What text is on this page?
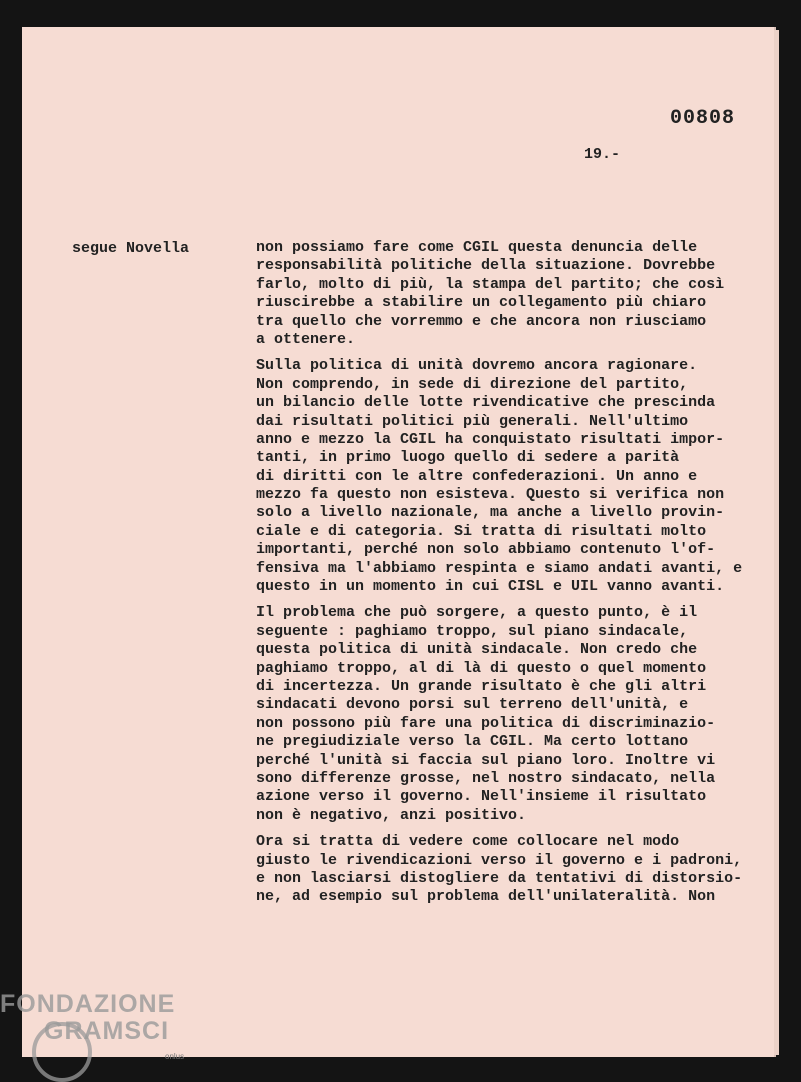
00808
19.-
segue Novella	non possiamo fare come CGIL questa denuncia delle
responsabilità politiche della situazione. Dovrebbe
farlo, molto di più, la stampa del partito; che così
riuscirebbe a stabilire un collegamento più chiaro
tra quello che vorremmo e che ancora non riusciamo
a ottenere.
Sulla politica di unità dovremo ancora ragionare.
Non comprendo, in sede di direzione del partito,
un bilancio delle lotte rivendicative che prescinda
dai risultati politici più generali. Nell'ultimo
anno e mezzo la CGIL ha conquistato risultati impor-
tanti, in primo luogo quello di sedere a parità
di diritti con le altre confederazioni. Un anno e
mezzo fa questo non esisteva. Questo si verifica non
solo a livello nazionale, ma anche a livello provin-
ciale e di categoria. Si tratta di risultati molto
importanti, perché non solo abbiamo contenuto l'of-
fensiva ma l'abbiamo respinta e siamo andati avanti, e
questo in un momento in cui CISL e UIL vanno avanti.
Il problema che può sorgere, a questo punto, è il
seguente : paghiamo troppo, sul piano sindacale,
questa politica di unità sindacale. Non credo che
paghiamo troppo, al di là di questo o quel momento
di incertezza. Un grande risultato è che gli altri
sindacati devono porsi sul terreno dell'unità, e
non possono più fare una politica di discriminazio-
ne pregiudiziale verso la CGIL. Ma certo lottano
perché l'unità si faccia sul piano loro. Inoltre vi
sono differenze grosse, nel nostro sindacato, nella
azione verso il governo. Nell'insieme il risultato
non è negativo, anzi positivo.
Ora si tratta di vedere come collocare nel modo
giusto le rivendicazioni verso il governo e i padroni,
e non lasciarsi distogliere da tentativi di distorsio-
ne, ad esempio sul problema dell'unilateralità. Non
FONDAZIONE
GRAMSCI
onlus
